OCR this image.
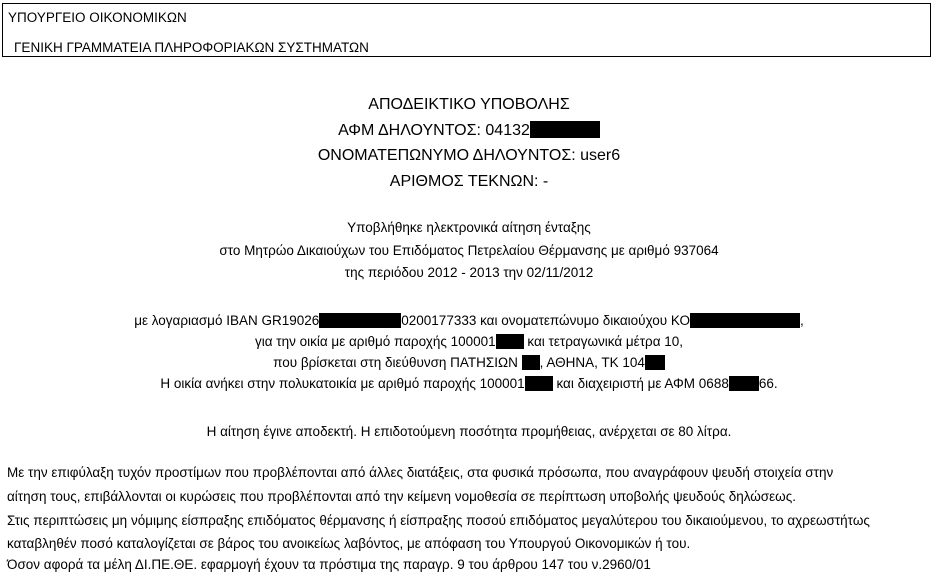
ΥΠΟΥΡΓΕΙΟ ΟΙΚΟΝΟΜΙΚΩΝ
ΓΕΝΙΚΗ ΓΡΑΜΜΑΤΕΙΑ ΠΛΗΡΟΦΟΡΙΑΚΩΝ ΣΥΣΤΗΜΑΤΩΝ
ΑΠΟΔΕΙΚΤΙΚΟ ΥΠΟΒΟΛΗΣ
ΑΦΜ ΔΗΛΟΥΝΤΟΣ: 04132
ΟΝΟΜΑΤΕΠΩΝΥΜΟ ΔΗΛΟΥΝΤΟΣ: user6
ΑΡΙΘΜΟΣ ΤΕΚΝΩΝ: -
Υποβλήθηκε ηλεκτρονικά αίτηση ένταξης
στο Μητρώο Δικαιούχων του Επιδόματος Πετρελαίου Θέρμανσης με αριθμό 937064
της περιόδου 2012 - 2013 την 02/11/2012
με λογαριασμό IBAN GR19026	0200177333 και ονοματεπώνυμο δικαιούχου ΚΟ	,
για την οικία με αριθμό παροχής 100001 και τετραγωνικά μέτρα 10,
που βρίσκεται στη διεύθυνση ΠΑΤΗΣΙΩΝ , ΑΘΗΝΑ, ΤΚ 104
Η οικία ανήκει στην πολυκατοικία με αριθμό παροχής 100001 και διαχειριστή με ΑΦΜ 0688 66.
Η αίτηση έγινε αποδεκτή. Η επιδοτούμενη ποσότητα προμήθειας, ανέρχεται σε 80 λίτρα.
Με την επιφύλαξη τυχόν προστίμων που προβλέπονται από άλλες διατάξεις, στα φυσικά πρόσωπα, που αναγράφουν ψευδή στοιχεία στην
αίτηση τους, επιβάλλονται οι κυρώσεις που προβλέπονται από την κείμενη νομοθεσία σε περίπτωση υποβολής ψευδούς δηλώσεως.
Στις περιπτώσεις μη νόμιμης είσπραξης επιδόματος θέρμανσης ή είσπραξης ποσού επιδόματος μεγαλύτερου του δικαιούμενου, το αχρεωστήτως
καταβληθέν ποσό καταλογίζεται σε βάρος του ανοικείως λαβόντος, με απόφαση του Υπουργού Οικονομικών ή του.
Όσον αφορά τα μέλη ΔΙ.ΠΕ.ΘΕ. εφαρμογή έχουν τα πρόστιμα της παραγρ. 9 του άρθρου 147 του ν.2960/01
